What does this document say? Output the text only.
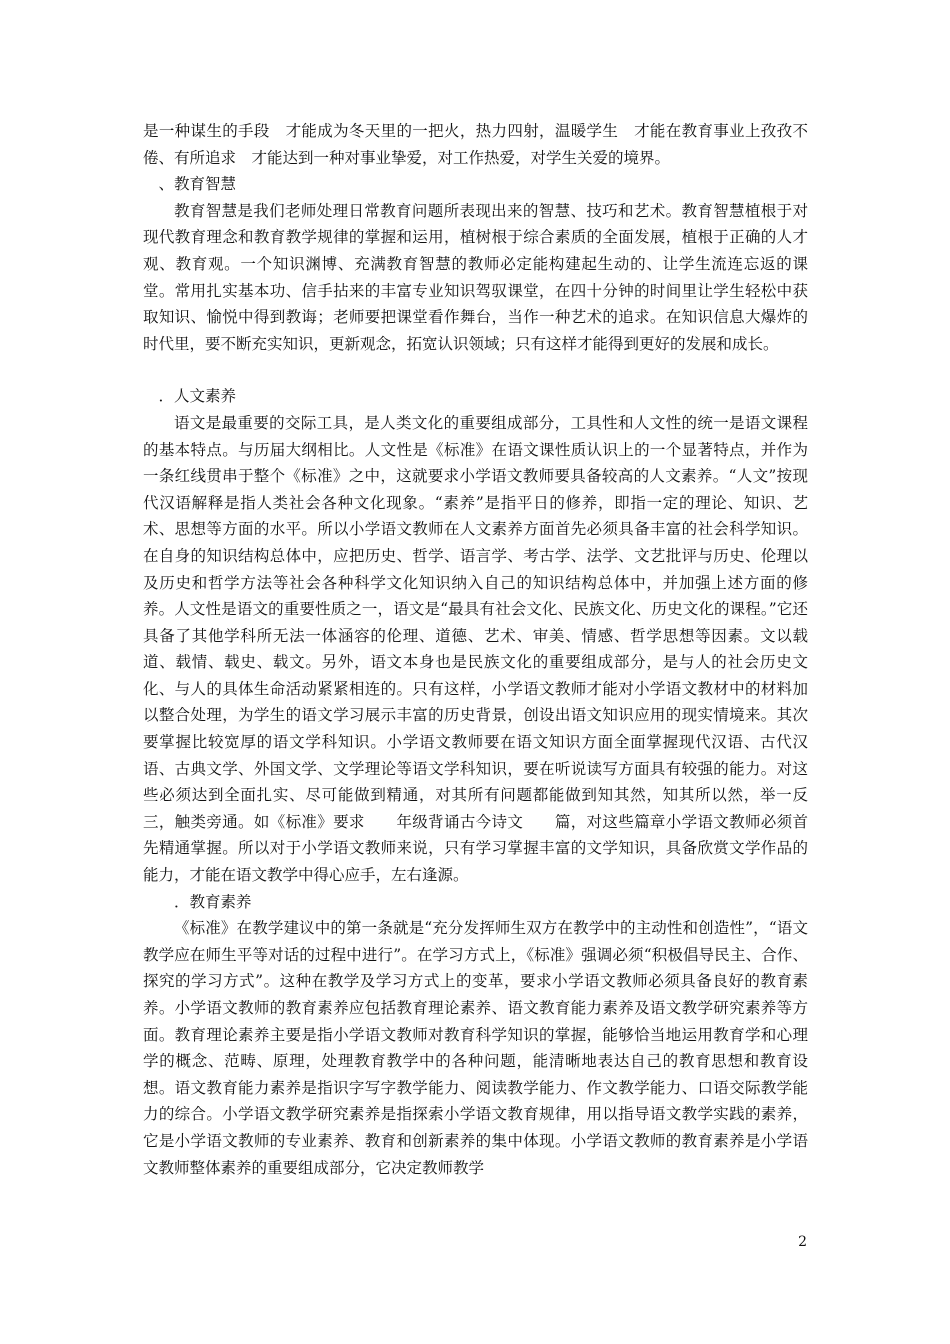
是一种谋生的手段　才能成为冬天里的一把火，热力四射，温暖学生　才能在教育事业上孜孜不倦、有所追求　才能达到一种对事业挚爱，对工作热爱，对学生关爱的境界。

　、教育智慧

教育智慧是我们老师处理日常教育问题所表现出来的智慧、技巧和艺术。教育智慧植根于对现代教育理念和教育教学规律的掌握和运用，植树根于综合素质的全面发展，植根于正确的人才观、教育观。一个知识渊博、充满教育智慧的教师必定能构建起生动的、让学生流连忘返的课堂。常用扎实基本功、信手拈来的丰富专业知识驾驭课堂，在四十分钟的时间里让学生轻松中获取知识、愉悦中得到教诲；老师要把课堂看作舞台，当作一种艺术的追求。在知识信息大爆炸的时代里，要不断充实知识，更新观念，拓宽认识领域；只有这样才能得到更好的发展和成长。

　．人文素养

语文是最重要的交际工具，是人类文化的重要组成部分，工具性和人文性的统一是语文课程的基本特点。与历届大纲相比。人文性是《标准》在语文课性质认识上的一个显著特点，并作为一条红线贯串于整个《标准》之中，这就要求小学语文教师要具备较高的人文素养。“人文”按现代汉语解释是指人类社会各种文化现象。“素养”是指平日的修养，即指一定的理论、知识、艺术、思想等方面的水平。所以小学语文教师在人文素养方面首先必须具备丰富的社会科学知识。在自身的知识结构总体中，应把历史、哲学、语言学、考古学、法学、文艺批评与历史、伦理以及历史和哲学方法等社会各种科学文化知识纳入自己的知识结构总体中，并加强上述方面的修养。人文性是语文的重要性质之一，语文是“最具有社会文化、民族文化、历史文化的课程。”它还具备了其他学科所无法一体涵容的伦理、道德、艺术、审美、情感、哲学思想等因素。文以载道、载情、载史、载文。另外，语文本身也是民族文化的重要组成部分，是与人的社会历史文化、与人的具体生命活动紧紧相连的。只有这样，小学语文教师才能对小学语文教材中的材料加以整合处理，为学生的语文学习展示丰富的历史背景，创设出语文知识应用的现实情境来。其次要掌握比较宽厚的语文学科知识。小学语文教师要在语文知识方面全面掌握现代汉语、古代汉语、古典文学、外国文学、文学理论等语文学科知识，要在听说读写方面具有较强的能力。对这些必须达到全面扎实、尽可能做到精通，对其所有问题都能做到知其然，知其所以然，举一反三，触类旁通。如《标准》要求　　年级背诵古今诗文　　篇，对这些篇章小学语文教师必须首先精通掌握。所以对于小学语文教师来说，只有学习掌握丰富的文学知识，具备欣赏文学作品的能力，才能在语文教学中得心应手，左右逢源。

　　．教育素养

《标准》在教学建议中的第一条就是“充分发挥师生双方在教学中的主动性和创造性”，“语文教学应在师生平等对话的过程中进行”。在学习方式上，《标准》强调必须“积极倡导民主、合作、探究的学习方式”。这种在教学及学习方式上的变革，要求小学语文教师必须具备良好的教育素养。小学语文教师的教育素养应包括教育理论素养、语文教育能力素养及语文教学研究素养等方面。教育理论素养主要是指小学语文教师对教育科学知识的掌握，能够恰当地运用教育学和心理学的概念、范畴、原理，处理教育教学中的各种问题，能清晰地表达自己的教育思想和教育设想。语文教育能力素养是指识字写字教学能力、阅读教学能力、作文教学能力、口语交际教学能力的综合。小学语文教学研究素养是指探索小学语文教育规律，用以指导语文教学实践的素养，它是小学语文教师的专业素养、教育和创新素养的集中体现。小学语文教师的教育素养是小学语文教师整体素养的重要组成部分，它决定教师教学

2
